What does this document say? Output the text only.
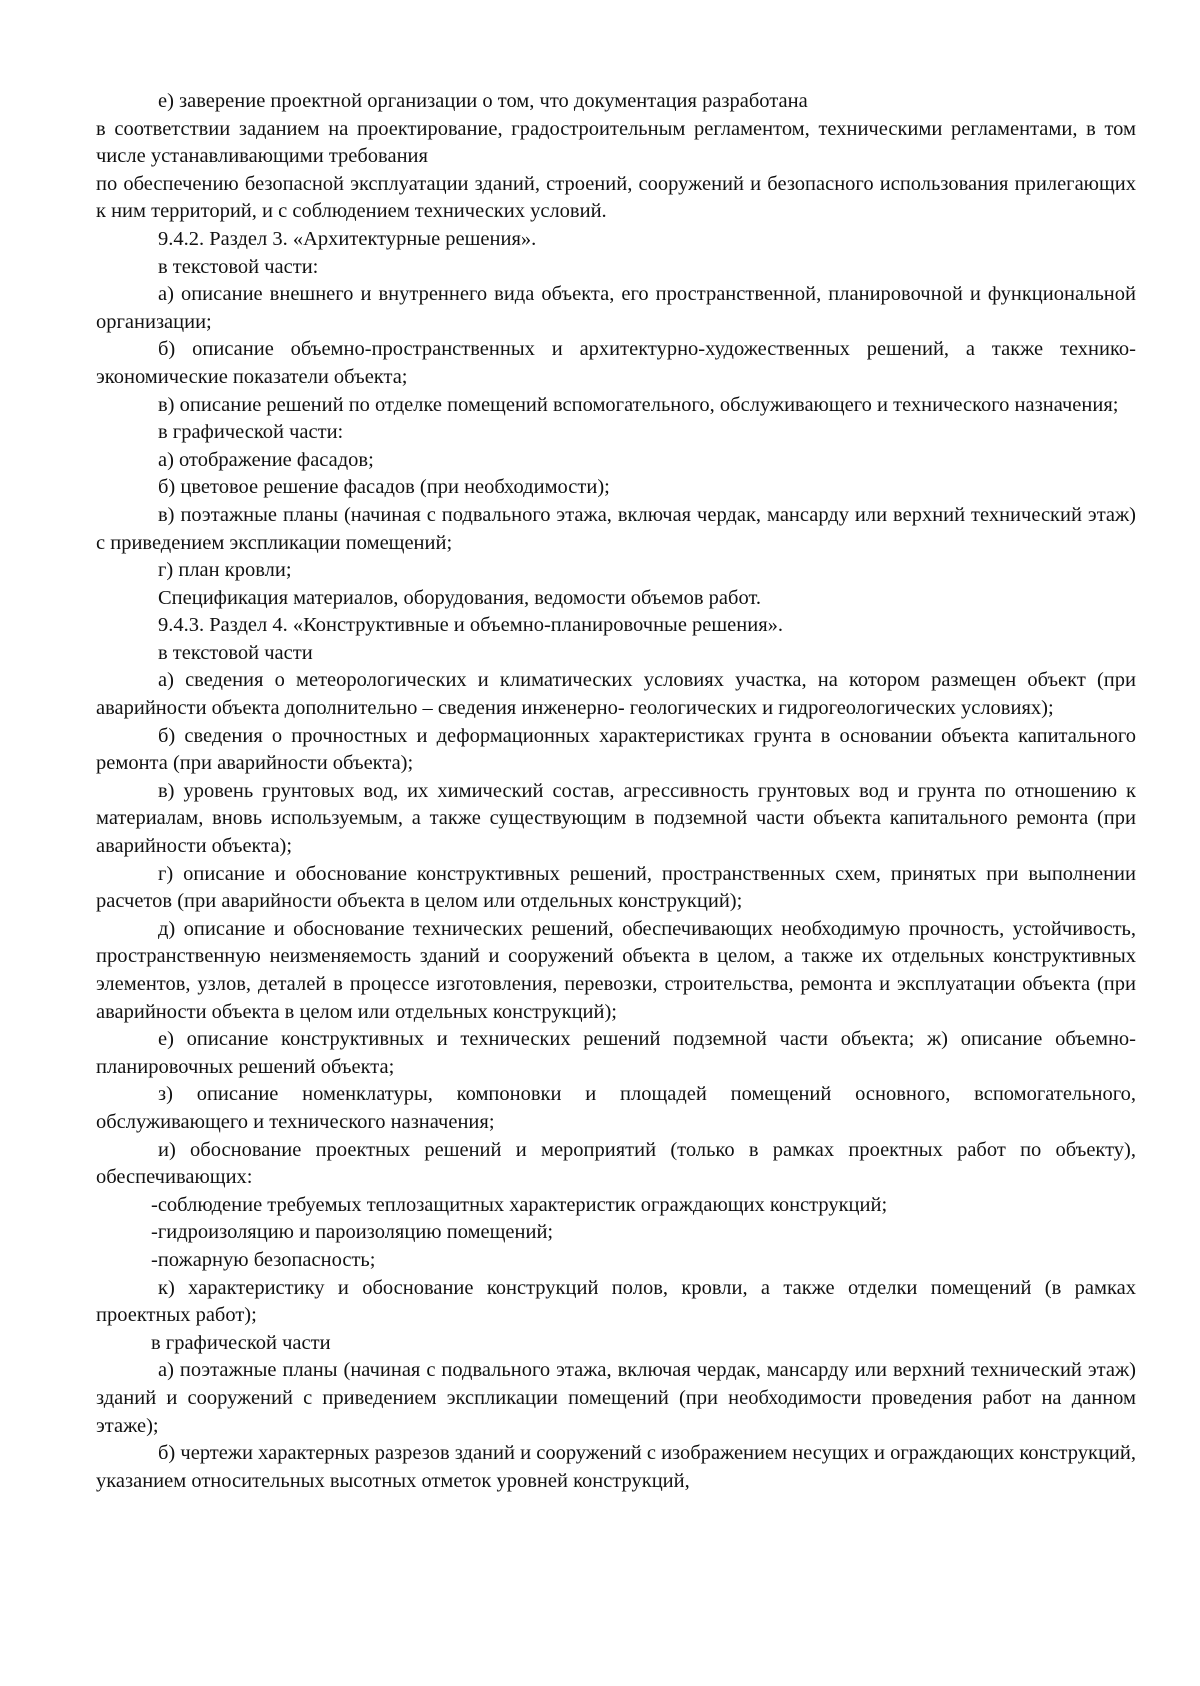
е) заверение проектной организации о том, что документация разработана

в соответствии заданием на проектирование, градостроительным регламентом, техническими регламентами, в том числе устанавливающими требования

по обеспечению безопасной эксплуатации зданий, строений, сооружений и безопасного использования прилегающих к ним территорий, и с соблюдением технических условий.

9.4.2. Раздел 3. «Архитектурные решения».

в текстовой части:

а) описание внешнего и внутреннего вида объекта, его пространственной, планировочной и функциональной организации;

б) описание объемно-пространственных и архитектурно-художественных решений, а также технико-экономические показатели объекта;

в) описание решений по отделке помещений вспомогательного, обслуживающего и технического назначения;

в графической части:

а) отображение фасадов;

б) цветовое решение фасадов (при необходимости);

в) поэтажные планы (начиная с подвального этажа, включая чердак, мансарду или верхний технический этаж) с приведением экспликации помещений;

г) план кровли;

Спецификация материалов, оборудования, ведомости объемов работ.

9.4.3. Раздел 4. «Конструктивные и объемно-планировочные решения».

в текстовой части

а) сведения о метеорологических и климатических условиях участка, на котором размещен объект (при аварийности объекта дополнительно – сведения инженерно- геологических и гидрогеологических условиях);

б) сведения о прочностных и деформационных характеристиках грунта в основании объекта капитального ремонта (при аварийности объекта);

в) уровень грунтовых вод, их химический состав, агрессивность грунтовых вод и грунта по отношению к материалам, вновь используемым, а также существующим в подземной части объекта капитального ремонта (при аварийности объекта);

г) описание и обоснование конструктивных решений, пространственных схем, принятых при выполнении расчетов (при аварийности объекта в целом или отдельных конструкций);

д) описание и обоснование технических решений, обеспечивающих необходимую прочность, устойчивость, пространственную неизменяемость зданий и сооружений объекта в целом, а также их отдельных конструктивных элементов, узлов, деталей в процессе изготовления, перевозки, строительства, ремонта и эксплуатации объекта (при аварийности объекта в целом или отдельных конструкций);

е) описание конструктивных и технических решений подземной части объекта; ж) описание объемно-планировочных решений объекта;

з) описание номенклатуры, компоновки и площадей помещений основного, вспомогательного, обслуживающего и технического назначения;

и) обоснование проектных решений и мероприятий (только в рамках проектных работ по объекту), обеспечивающих:

-соблюдение требуемых теплозащитных характеристик ограждающих конструкций;

-гидроизоляцию и пароизоляцию помещений;

-пожарную безопасность;

к) характеристику и обоснование конструкций полов, кровли, а также отделки помещений (в рамках проектных работ);

в графической части

а) поэтажные планы (начиная с подвального этажа, включая чердак, мансарду или верхний технический этаж) зданий и сооружений с приведением экспликации помещений (при необходимости проведения работ на данном этаже);

б) чертежи характерных разрезов зданий и сооружений с изображением несущих и ограждающих конструкций, указанием относительных высотных отметок уровней конструкций,
